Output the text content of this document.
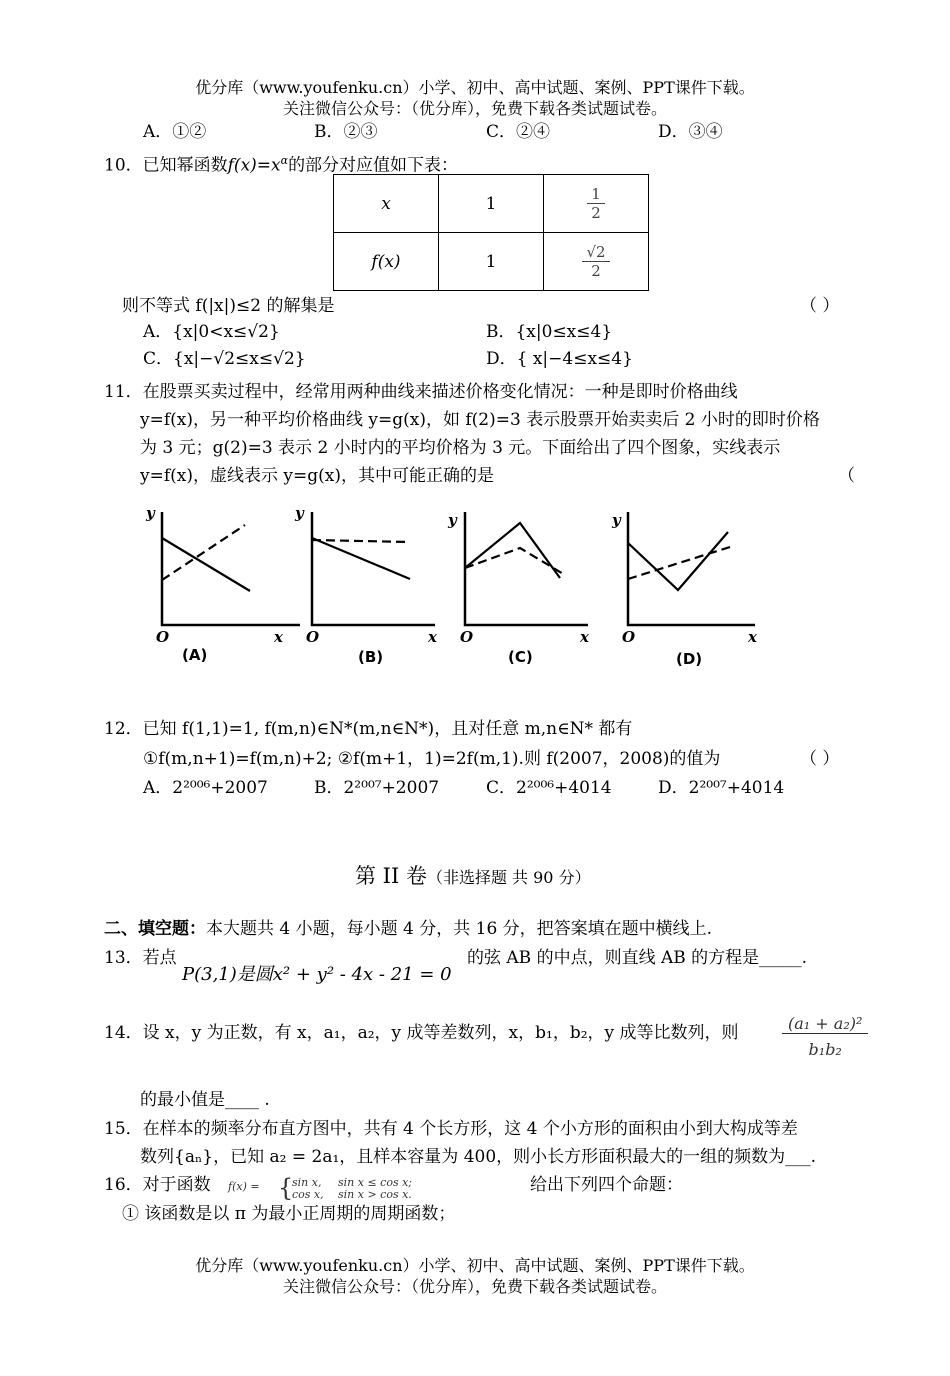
优分库（www.youfenku.cn）小学、初中、高中试题、案例、PPT课件下载。
关注微信公众号：（优分库），免费下载各类试题试卷。
A．①②	B．②③	C．②④	D．③④
10．已知幂函数$f(x)=x^\alpha$的部分对应值如下表：
x	1	$\frac{1}{2}$

f(x)	1	$\frac{√2}{2}$
则不等式 f(|x|)≤2 的解集是	（ ）
A．{x|0<x≤√2}	B．{x|0≤x≤4}
C．{x|−√2≤x≤√2}	D．{ x|−4≤x≤4}
11．在股票买卖过程中，经常用两种曲线来描述价格变化情况：一种是即时价格曲线
y=f(x)，另一种平均价格曲线 y=g(x)，如 f(2)=3 表示股票开始卖卖后 2 小时的即时价格
为 3 元；g(2)=3 表示 2 小时内的平均价格为 3 元。下面给出了四个图象，实线表示
y=f(x)，虚线表示 y=g(x)，其中可能正确的是	（
y
O	x
y
O	x
y
O	x
y
O	x
(A)	(B)	(C)	(D)
12．已知 f(1,1)=1, f(m,n)∈N*(m,n∈N*)，且对任意 m,n∈N* 都有
①f(m,n+1)=f(m,n)+2; ②f(m+1，1)=2f(m,1).则 f(2007，2008)的值为	（ ）
A．2²⁰⁰⁶+2007	B．2²⁰⁰⁷+2007	C．2²⁰⁰⁶+4014	D．2²⁰⁰⁷+4014
第 II 卷（非选择题 共 90 分）
二、填空题：本大题共 4 小题，每小题 4 分，共 16 分，把答案填在题中横线上.
13．若点
P(3,1)是圆x² + y² - 4x - 21 = 0
的弦 AB 的中点，则直线 AB 的方程是_____.
14．设 x，y 为正数，有 x，a₁，a₂，y 成等差数列，x，b₁，b₂，y 成等比数列，则	(a₁ + a₂)²
b₁b₂
的最小值是____ .
15．在样本的频率分布直方图中，共有 4 个长方形，这 4 个小方形的面积由小到大构成等差
数列{aₙ}，已知 a₂ = 2a₁，且样本容量为 400，则小长方形面积最大的一组的频数为___.
16．对于函数 f(x) = {
sin x, sin x ≤ cos x;
cos x, sin x > cos x.	给出下列四个命题：
① 该函数是以 π 为最小正周期的周期函数；
优分库（www.youfenku.cn）小学、初中、高中试题、案例、PPT课件下载。
关注微信公众号：（优分库），免费下载各类试题试卷。
